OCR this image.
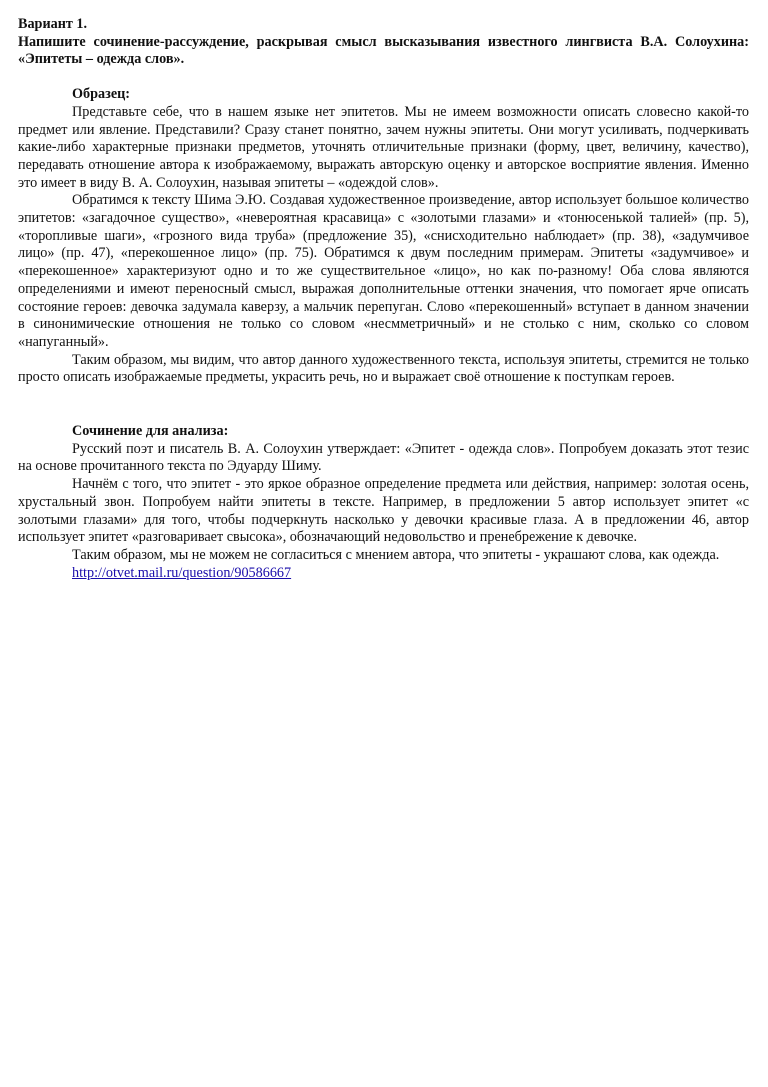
Вариант 1.
Напишите сочинение-рассуждение, раскрывая смысл высказывания известного лингвиста В.А. Солоухина: «Эпитеты – одежда слов».

Образец:

Представьте себе, что в нашем языке нет эпитетов. Мы не имеем возможности описать словесно какой-то предмет или явление. Представили? Сразу станет понятно, зачем нужны эпитеты. Они могут усиливать, подчеркивать какие-либо характерные признаки предметов, уточнять отличительные признаки (форму, цвет, величину, качество), передавать отношение автора к изображаемому, выражать авторскую оценку и авторское восприятие явления. Именно это имеет в виду В. А. Солоухин, называя эпитеты – «одеждой слов».

Обратимся к тексту Шима Э.Ю. Создавая художественное произведение, автор использует большое количество эпитетов: «загадочное существо», «невероятная красавица» с «золотыми глазами» и «тонюсенькой талией» (пр. 5), «торопливые шаги», «грозного вида труба» (предложение 35), «снисходительно наблюдает» (пр. 38), «задумчивое лицо» (пр. 47), «перекошенное лицо» (пр. 75). Обратимся к двум последним примерам. Эпитеты «задумчивое» и «перекошенное» характеризуют одно и то же существительное «лицо», но как по-разному! Оба слова являются определениями и имеют переносный смысл, выражая дополнительные оттенки значения, что помогает ярче описать состояние героев: девочка задумала каверзу, а мальчик перепуган. Слово «перекошенный» вступает в данном значении в синонимические отношения не только со словом «несмметричный» и не столько с ним, сколько со словом «напуганный».

Таким образом, мы видим, что автор данного художественного текста, используя эпитеты, стремится не только просто описать изображаемые предметы, украсить речь, но и выражает своё отношение к поступкам героев.

Сочинение для анализа:

Русский поэт и писатель В. А. Солоухин утверждает: «Эпитет - одежда слов». Попробуем доказать этот тезис на основе прочитанного текста по Эдуарду Шиму.

Начнём с того, что эпитет - это яркое образное определение предмета или действия, например: золотая осень, хрустальный звон. Попробуем найти эпитеты в тексте. Например, в предложении 5 автор использует эпитет «с золотыми глазами» для того, чтобы подчеркнуть насколько у девочки красивые глаза. А в предложении 46, автор использует эпитет «разговаривает свысока», обозначающий недовольство и пренебрежение к девочке.

Таким образом, мы не можем не согласиться с мнением автора, что эпитеты - украшают слова, как одежда.

http://otvet.mail.ru/question/90586667
